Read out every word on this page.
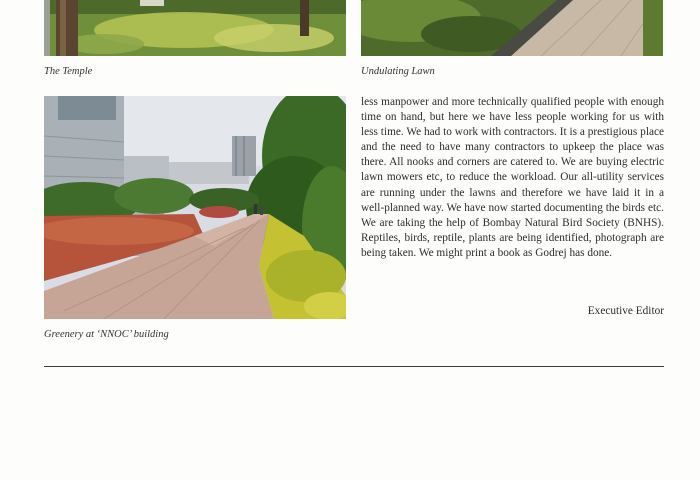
The Temple	Undulating Lawn
Greenery at ‘NNOC’ building
less manpower and more technically qualified people with enough time on hand, but here we have less people working for us with less time. We had to work with contractors. It is a prestigious place and the need to have many contractors to upkeep the place was there. All nooks and corners are catered to. We are buying electric lawn mowers etc, to reduce the workload. Our all-utility services are running under the lawns and therefore we have laid it in a well-planned way. We have now started documenting the birds etc. We are taking the help of Bombay Natural Bird Society (BNHS). Reptiles, birds, reptile, plants are being identified, photograph are being taken. We might print a book as Godrej has done.
Executive Editor
